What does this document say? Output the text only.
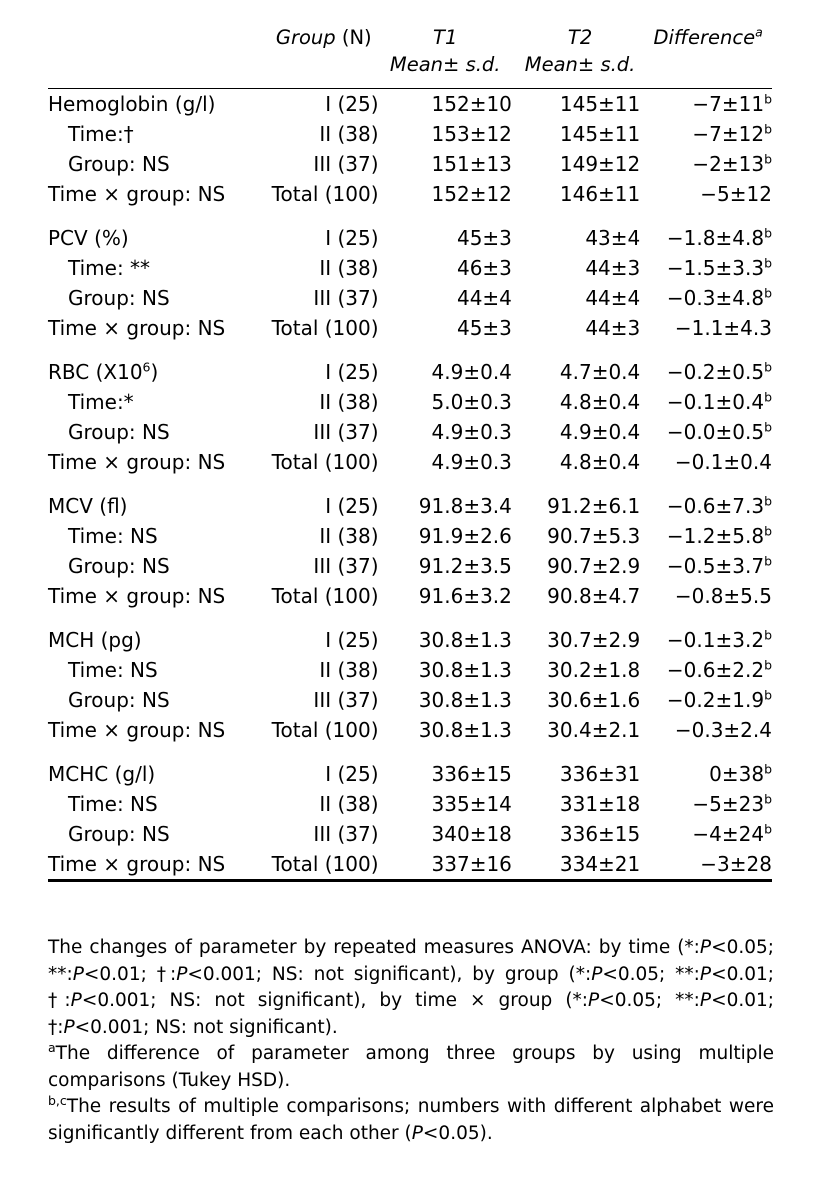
	Group (N)	T1	T2	Difference$^a$
		Mean± s.d.	Mean± s.d.	

Hemoglobin (g/l)	I (25)	152±10	145±11	$-7\pm 11^b$
Time:†	II (38)	153±12	145±11	$-7\pm 12^b$
Group: NS	III (37)	151±13	149±12	$-2\pm 13^b$
Time × group: NS	Total (100)	152±12	146±11	−5±12
PCV (%)	I (25)	45±3	43±4	−1.8±4.8$^b$
Time: **	II (38)	46±3	44±3	−1.5±3.3$^b$
Group: NS	III (37)	44±4	44±4	−0.3±4.8$^b$
Time × group: NS	Total (100)	45±3	44±3	−1.1±4.3
RBC $(X10^6)$	I (25)	4.9±0.4	4.7±0.4	−0.2±0.5$^b$
Time:*	II (38)	5.0±0.3	4.8±0.4	−0.1±0.4$^b$
Group: NS	III (37)	4.9±0.3	4.9±0.4	−0.0±0.5$^b$
Time × group: NS	Total (100)	4.9±0.3	4.8±0.4	−0.1±0.4
MCV (fl)	I (25)	91.8±3.4	91.2±6.1	−0.6±7.3$^b$
Time: NS	II (38)	91.9±2.6	90.7±5.3	−1.2±5.8$^b$
Group: NS	III (37)	91.2±3.5	90.7±2.9	−0.5±3.7$^b$
Time × group: NS	Total (100)	91.6±3.2	90.8±4.7	−0.8±5.5
MCH (pg)	I (25)	30.8±1.3	30.7±2.9	−0.1±3.2$^b$
Time: NS	II (38)	30.8±1.3	30.2±1.8	−0.6±2.2$^b$
Group: NS	III (37)	30.8±1.3	30.6±1.6	−0.2±1.9$^b$
Time × group: NS	Total (100)	30.8±1.3	30.4±2.1	−0.3±2.4
MCHC (g/l)	I (25)	336±15	336±31	$0\pm 38^b$
Time: NS	II (38)	335±14	331±18	$-5\pm 23^b$
Group: NS	III (37)	340±18	336±15	$-4\pm 24^b$
Time × group: NS	Total (100)	337±16	334±21	−3±28

The changes of parameter by repeated measures ANOVA: by time (*:P<0.05; **:P<0.01; †:P<0.001; NS: not significant), by group (*:P<0.05; **:P<0.01; †:P<0.001; NS: not significant), by time × group (*:P<0.05; **:P<0.01; †:P<0.001; NS: not significant).

$^a$The difference of parameter among three groups by using multiple comparisons (Tukey HSD).

$^{b,c}$The results of multiple comparisons; numbers with different alphabet were significantly different from each other (P<0.05).
